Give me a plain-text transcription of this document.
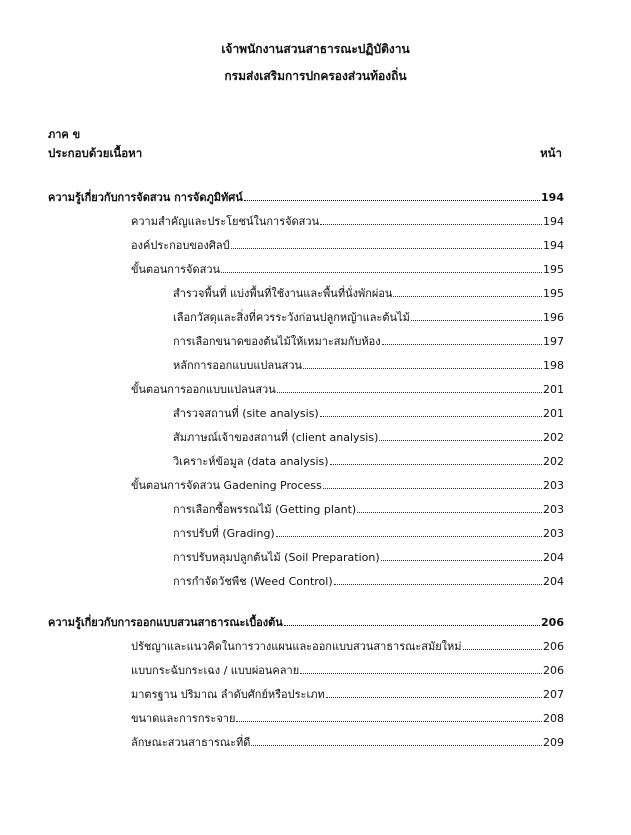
เจ้าพนักงานสวนสาธารณะปฏิบัติงาน
กรมส่งเสริมการปกครองส่วนท้องถิ่น
ภาค ข
ประกอบด้วยเนื้อหา	หน้า
ความรู้เกี่ยวกับการจัดสวน การจัดภูมิทัศน์	194
ความสำคัญและประโยชน์ในการจัดสวน	194
องค์ประกอบของศิลป์	194
ขั้นตอนการจัดสวน	195
สำรวจพื้นที่ แบ่งพื้นที่ใช้งานและพื้นที่นั่งพักผ่อน	195
เลือกวัสดุและสิ่งที่ควรระวังก่อนปลูกหญ้าและต้นไม้	196
การเลือกขนาดของต้นไม้ให้เหมาะสมกับห้อง	197
หลักการออกแบบแปลนสวน	198
ขั้นตอนการออกแบบแปลนสวน	201
สำรวจสถานที่ (site analysis)	201
สัมภาษณ์เจ้าของสถานที่ (client analysis)	202
วิเคราะห์ข้อมูล (data analysis)	202
ขั้นตอนการจัดสวน Gadening Process	203
การเลือกซื้อพรรณไม้ (Getting plant)	203
การปรับที่ (Grading)	203
การปรับหลุมปลูกต้นไม้ (Soil Preparation)	204
การกำจัดวัชพืช (Weed Control)	204
ความรู้เกี่ยวกับการออกแบบสวนสาธารณะเบื้องต้น	206
ปรัชญาและแนวคิดในการวางแผนและออกแบบสวนสาธารณะสมัยใหม่	206
แบบกระฉับกระเฉง / แบบผ่อนคลาย	206
มาตรฐาน ปริมาณ ลำดับศักย์หรือประเภท	207
ขนาดและการกระจาย	208
ลักษณะสวนสาธารณะที่ดี	209
